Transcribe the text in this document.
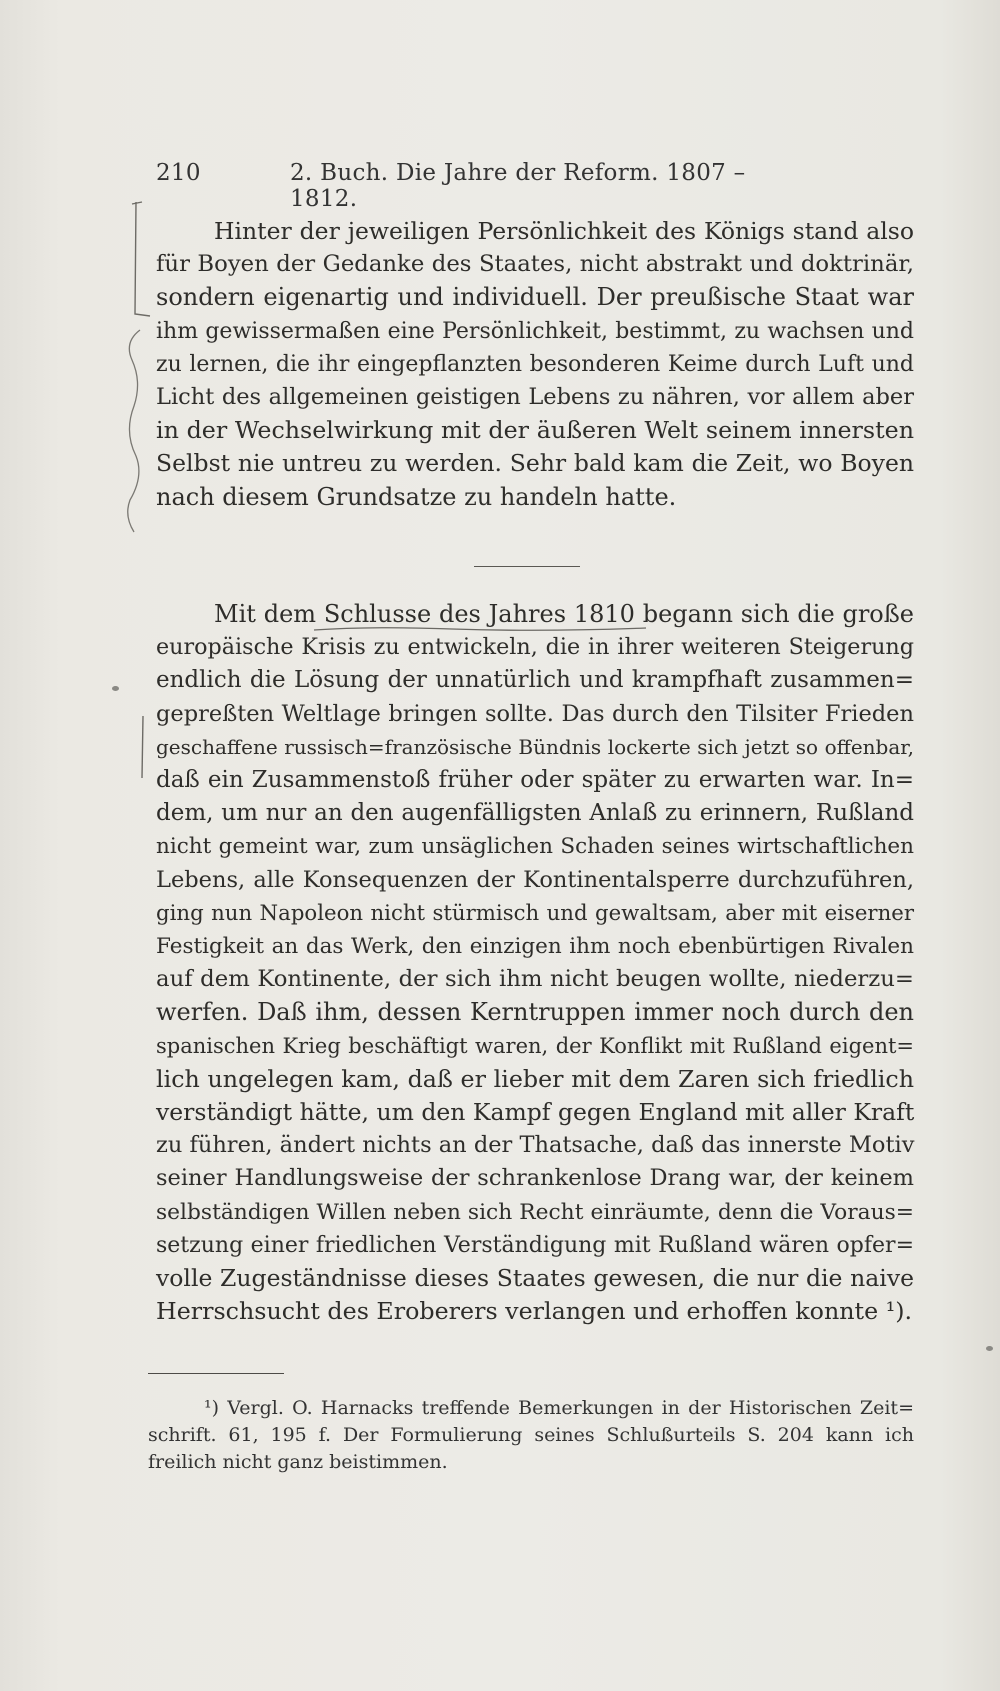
210	2. Buch. Die Jahre der Reform. 1807 – 1812.
Hinter der jeweiligen Persönlichkeit des Königs stand also
für Boyen der Gedanke des Staates, nicht abstrakt und doktrinär,
sondern eigenartig und individuell. Der preußische Staat war
ihm gewissermaßen eine Persönlichkeit, bestimmt, zu wachsen und
zu lernen, die ihr eingepflanzten besonderen Keime durch Luft und
Licht des allgemeinen geistigen Lebens zu nähren, vor allem aber
in der Wechselwirkung mit der äußeren Welt seinem innersten
Selbst nie untreu zu werden. Sehr bald kam die Zeit, wo Boyen
nach diesem Grundsatze zu handeln hatte.
Mit dem Schlusse des Jahres 1810 begann sich die große
europäische Krisis zu entwickeln, die in ihrer weiteren Steigerung
endlich die Lösung der unnatürlich und krampfhaft zusammen=
gepreßten Weltlage bringen sollte. Das durch den Tilsiter Frieden
geschaffene russisch=französische Bündnis lockerte sich jetzt so offenbar,
daß ein Zusammenstoß früher oder später zu erwarten war. In=
dem, um nur an den augenfälligsten Anlaß zu erinnern, Rußland
nicht gemeint war, zum unsäglichen Schaden seines wirtschaftlichen
Lebens, alle Konsequenzen der Kontinentalsperre durchzuführen,
ging nun Napoleon nicht stürmisch und gewaltsam, aber mit eiserner
Festigkeit an das Werk, den einzigen ihm noch ebenbürtigen Rivalen
auf dem Kontinente, der sich ihm nicht beugen wollte, niederzu=
werfen. Daß ihm, dessen Kerntruppen immer noch durch den
spanischen Krieg beschäftigt waren, der Konflikt mit Rußland eigent=
lich ungelegen kam, daß er lieber mit dem Zaren sich friedlich
verständigt hätte, um den Kampf gegen England mit aller Kraft
zu führen, ändert nichts an der Thatsache, daß das innerste Motiv
seiner Handlungsweise der schrankenlose Drang war, der keinem
selbständigen Willen neben sich Recht einräumte, denn die Voraus=
setzung einer friedlichen Verständigung mit Rußland wären opfer=
volle Zugeständnisse dieses Staates gewesen, die nur die naive
Herrschsucht des Eroberers verlangen und erhoffen konnte ¹).
¹) Vergl. O. Harnacks treffende Bemerkungen in der Historischen Zeit=
schrift. 61, 195 f. Der Formulierung seines Schlußurteils S. 204 kann ich
freilich nicht ganz beistimmen.
